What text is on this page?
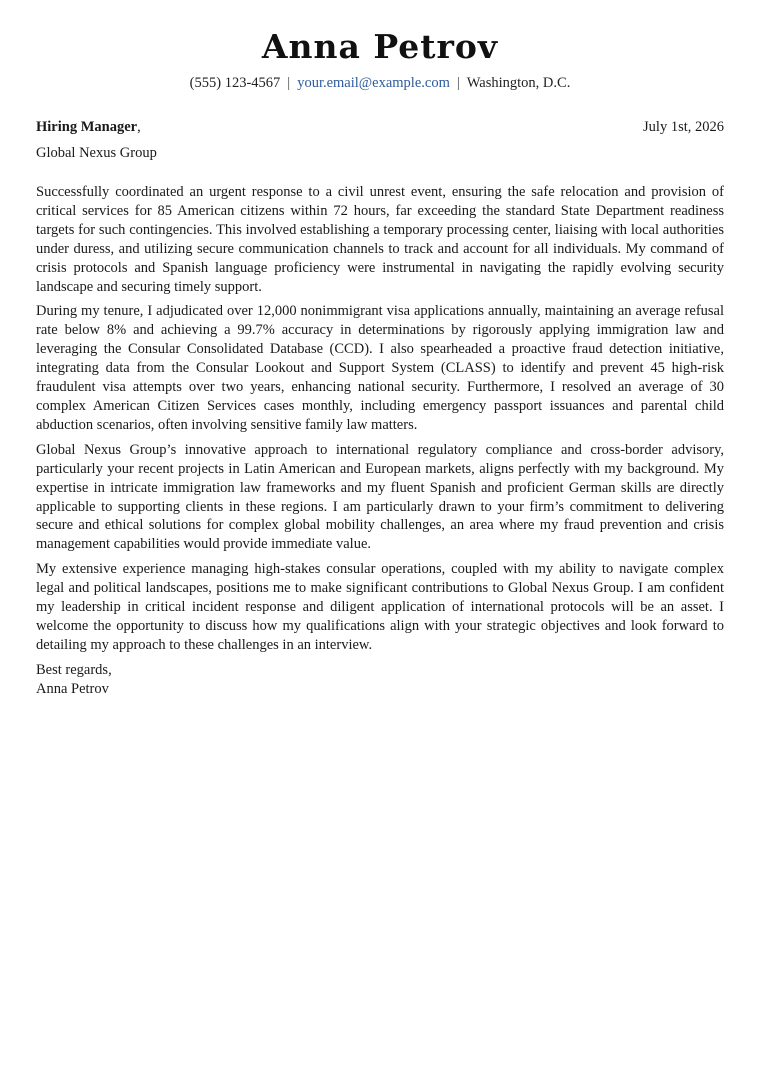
Anna Petrov
(555) 123-4567 | your.email@example.com | Washington, D.C.
Hiring Manager,	July 1st, 2026
Global Nexus Group

Successfully coordinated an urgent response to a civil unrest event, ensuring the safe relocation and provision of critical services for 85 American citizens within 72 hours, far exceeding the standard State Department readiness targets for such contingencies. This involved establishing a temporary processing center, liaising with local authorities under duress, and utilizing secure communication channels to track and account for all individuals. My command of crisis protocols and Spanish language proficiency were instrumental in navigating the rapidly evolving security landscape and securing timely support.

During my tenure, I adjudicated over 12,000 nonimmigrant visa applications annually, maintaining an average refusal rate below 8% and achieving a 99.7% accuracy in determinations by rigorously applying immigration law and leveraging the Consular Consolidated Database (CCD). I also spearheaded a proactive fraud detection initiative, integrating data from the Consular Lookout and Support System (CLASS) to identify and prevent 45 high-risk fraudulent visa attempts over two years, enhancing national security. Furthermore, I resolved an average of 30 complex American Citizen Services cases monthly, including emergency passport issuances and parental child abduction scenarios, often involving sensitive family law matters.

Global Nexus Group’s innovative approach to international regulatory compliance and cross-border advisory, particularly your recent projects in Latin American and European markets, aligns perfectly with my background. My expertise in intricate immigration law frameworks and my fluent Spanish and proficient German skills are directly applicable to supporting clients in these regions. I am particularly drawn to your firm’s commitment to delivering secure and ethical solutions for complex global mobility challenges, an area where my fraud prevention and crisis management capabilities would provide immediate value.

My extensive experience managing high-stakes consular operations, coupled with my ability to navigate complex legal and political landscapes, positions me to make significant contributions to Global Nexus Group. I am confident my leadership in critical incident response and diligent application of international protocols will be an asset. I welcome the opportunity to discuss how my qualifications align with your strategic objectives and look forward to detailing my approach to these challenges in an interview.

Best regards,
Anna Petrov
